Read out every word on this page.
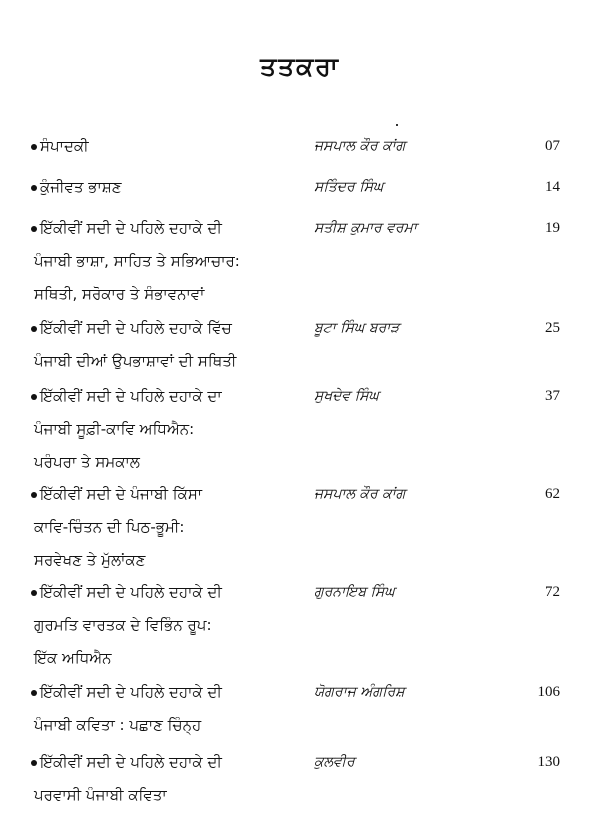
ਤਤਕਰਾ
ਸੰਪਾਦਕੀ	ਜਸਪਾਲ ਕੌਰ ਕਾਂਗ	07
ਕੁੰਜੀਵਤ ਭਾਸ਼ਣ	ਸਤਿੰਦਰ ਸਿੰਘ	14
ਇੱਕੀਵੀਂ ਸਦੀ ਦੇ ਪਹਿਲੇ ਦਹਾਕੇ ਦੀ
ਪੰਜਾਬੀ ਭਾਸ਼ਾ, ਸਾਹਿਤ ਤੇ ਸਭਿਆਚਾਰ:
ਸਥਿਤੀ, ਸਰੋਕਾਰ ਤੇ ਸੰਭਾਵਨਾਵਾਂ
ਸਤੀਸ਼ ਕੁਮਾਰ ਵਰਮਾ	19
ਇੱਕੀਵੀਂ ਸਦੀ ਦੇ ਪਹਿਲੇ ਦਹਾਕੇ ਵਿੱਚ
ਪੰਜਾਬੀ ਦੀਆਂ ਉਪਭਾਸ਼ਾਵਾਂ ਦੀ ਸਥਿਤੀ
ਬੂਟਾ ਸਿੰਘ ਬਰਾੜ	25
ਇੱਕੀਵੀਂ ਸਦੀ ਦੇ ਪਹਿਲੇ ਦਹਾਕੇ ਦਾ
ਪੰਜਾਬੀ ਸੂਫ਼ੀ-ਕਾਵਿ ਅਧਿਐਨ:
ਪਰੰਪਰਾ ਤੇ ਸਮਕਾਲ
ਸੁਖਦੇਵ ਸਿੰਘ	37
ਇੱਕੀਵੀਂ ਸਦੀ ਦੇ ਪੰਜਾਬੀ ਕਿੱਸਾ
ਕਾਵਿ-ਚਿੰਤਨ ਦੀ ਪਿਠ-ਭੂਮੀ:
ਸਰਵੇਖਣ ਤੇ ਮੁੱਲਾਂਕਣ
ਜਸਪਾਲ ਕੌਰ ਕਾਂਗ	62
ਇੱਕੀਵੀਂ ਸਦੀ ਦੇ ਪਹਿਲੇ ਦਹਾਕੇ ਦੀ
ਗੁਰਮਤਿ ਵਾਰਤਕ ਦੇ ਵਿਭਿੰਨ ਰੂਪ:
ਇੱਕ ਅਧਿਐਨ
ਗੁਰਨਾਇਬ ਸਿੰਘ	72
ਇੱਕੀਵੀਂ ਸਦੀ ਦੇ ਪਹਿਲੇ ਦਹਾਕੇ ਦੀ
ਪੰਜਾਬੀ ਕਵਿਤਾ : ਪਛਾਣ ਚਿੰਨ੍ਹ
ਯੋਗਰਾਜ ਅੰਗਰਿਸ਼	106
ਇੱਕੀਵੀਂ ਸਦੀ ਦੇ ਪਹਿਲੇ ਦਹਾਕੇ ਦੀ
ਪਰਵਾਸੀ ਪੰਜਾਬੀ ਕਵਿਤਾ
ਕੁਲਵੀਰ	130
